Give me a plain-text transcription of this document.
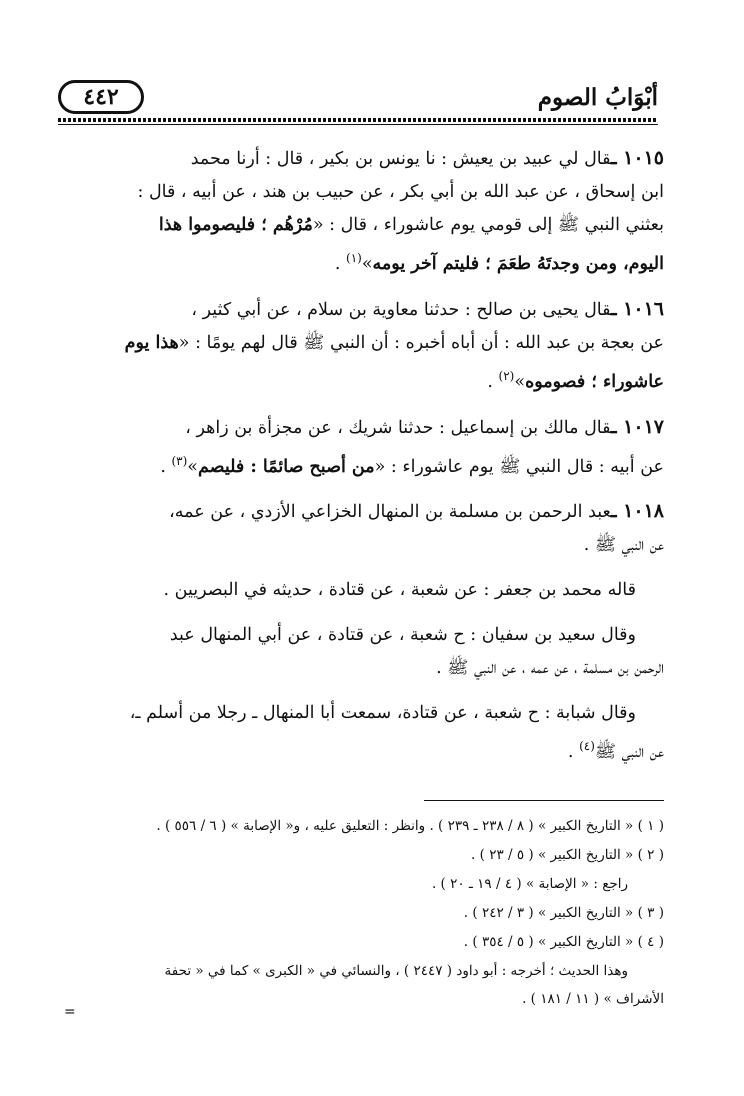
أبْوَابُ الصوم
٤٤٢
١٠١٥ ـقال لي عبيد بن يعيش : نا يونس بن بكير ، قال : أرنا محمد
ابن إسحاق ، عن عبد الله بن أبي بكر ، عن حبيب بن هند ، عن أبيه ، قال :
بعثني النبي ﷺ إلى قومي يوم عاشوراء ، قال : «مُرْهُم ؛ فليصوموا هذا
اليوم، ومن وجدتَهُ طعَمَ ؛ فليتم آخر يومه»$^{(١)}$ .
١٠١٦ ـقال يحيى بن صالح : حدثنا معاوية بن سلام ، عن أبي كثير ،
عن بعجة بن عبد الله : أن أباه أخبره : أن النبي ﷺ قال لهم يومًا : «هذا يوم
عاشوراء ؛ فصوموه»$^{(٢)}$ .
١٠١٧ ـقال مالك بن إسماعيل : حدثنا شريك ، عن مجزأة بن زاهر ،
عن أبيه : قال النبي ﷺ يوم عاشوراء : «من أصبح صائمًا : فليصم»$^{(٣)}$ .
١٠١٨ ـعبد الرحمن بن مسلمة بن المنهال الخزاعي الأزدي ، عن عمه،
عن النبي ﷺ .
قاله محمد بن جعفر : عن شعبة ، عن قتادة ، حديثه في البصريين .
وقال سعيد بن سفيان : ح شعبة ، عن قتادة ، عن أبي المنهال عبد
الرحمن بن مسلمة ، عن عمه ، عن النبي ﷺ .
وقال شبابة : ح شعبة ، عن قتادة، سمعت أبا المنهال ـ رجلا من أسلم ـ،
عن النبي ﷺ$^{(٤)}$ .
( ١ ) « التاريخ الكبير » ( ٨ / ٢٣٨ ـ ٢٣٩ ) . وانظر : التعليق عليه ، و« الإصابة » ( ٦ / ٥٥٦ ) .
( ٢ ) « التاريخ الكبير » ( ٥ / ٢٣ ) .
راجع : « الإصابة » ( ٤ / ١٩ ـ ٢٠ ) .
( ٣ ) « التاريخ الكبير » ( ٣ / ٢٤٢ ) .
( ٤ ) « التاريخ الكبير » ( ٥ / ٣٥٤ ) .
وهذا الحديث ؛ أخرجه : أبو داود ( ٢٤٤٧ ) ، والنسائي في « الكبرى » كما في « تحفة
الأشراف » ( ١١ / ١٨١ ) .
=
